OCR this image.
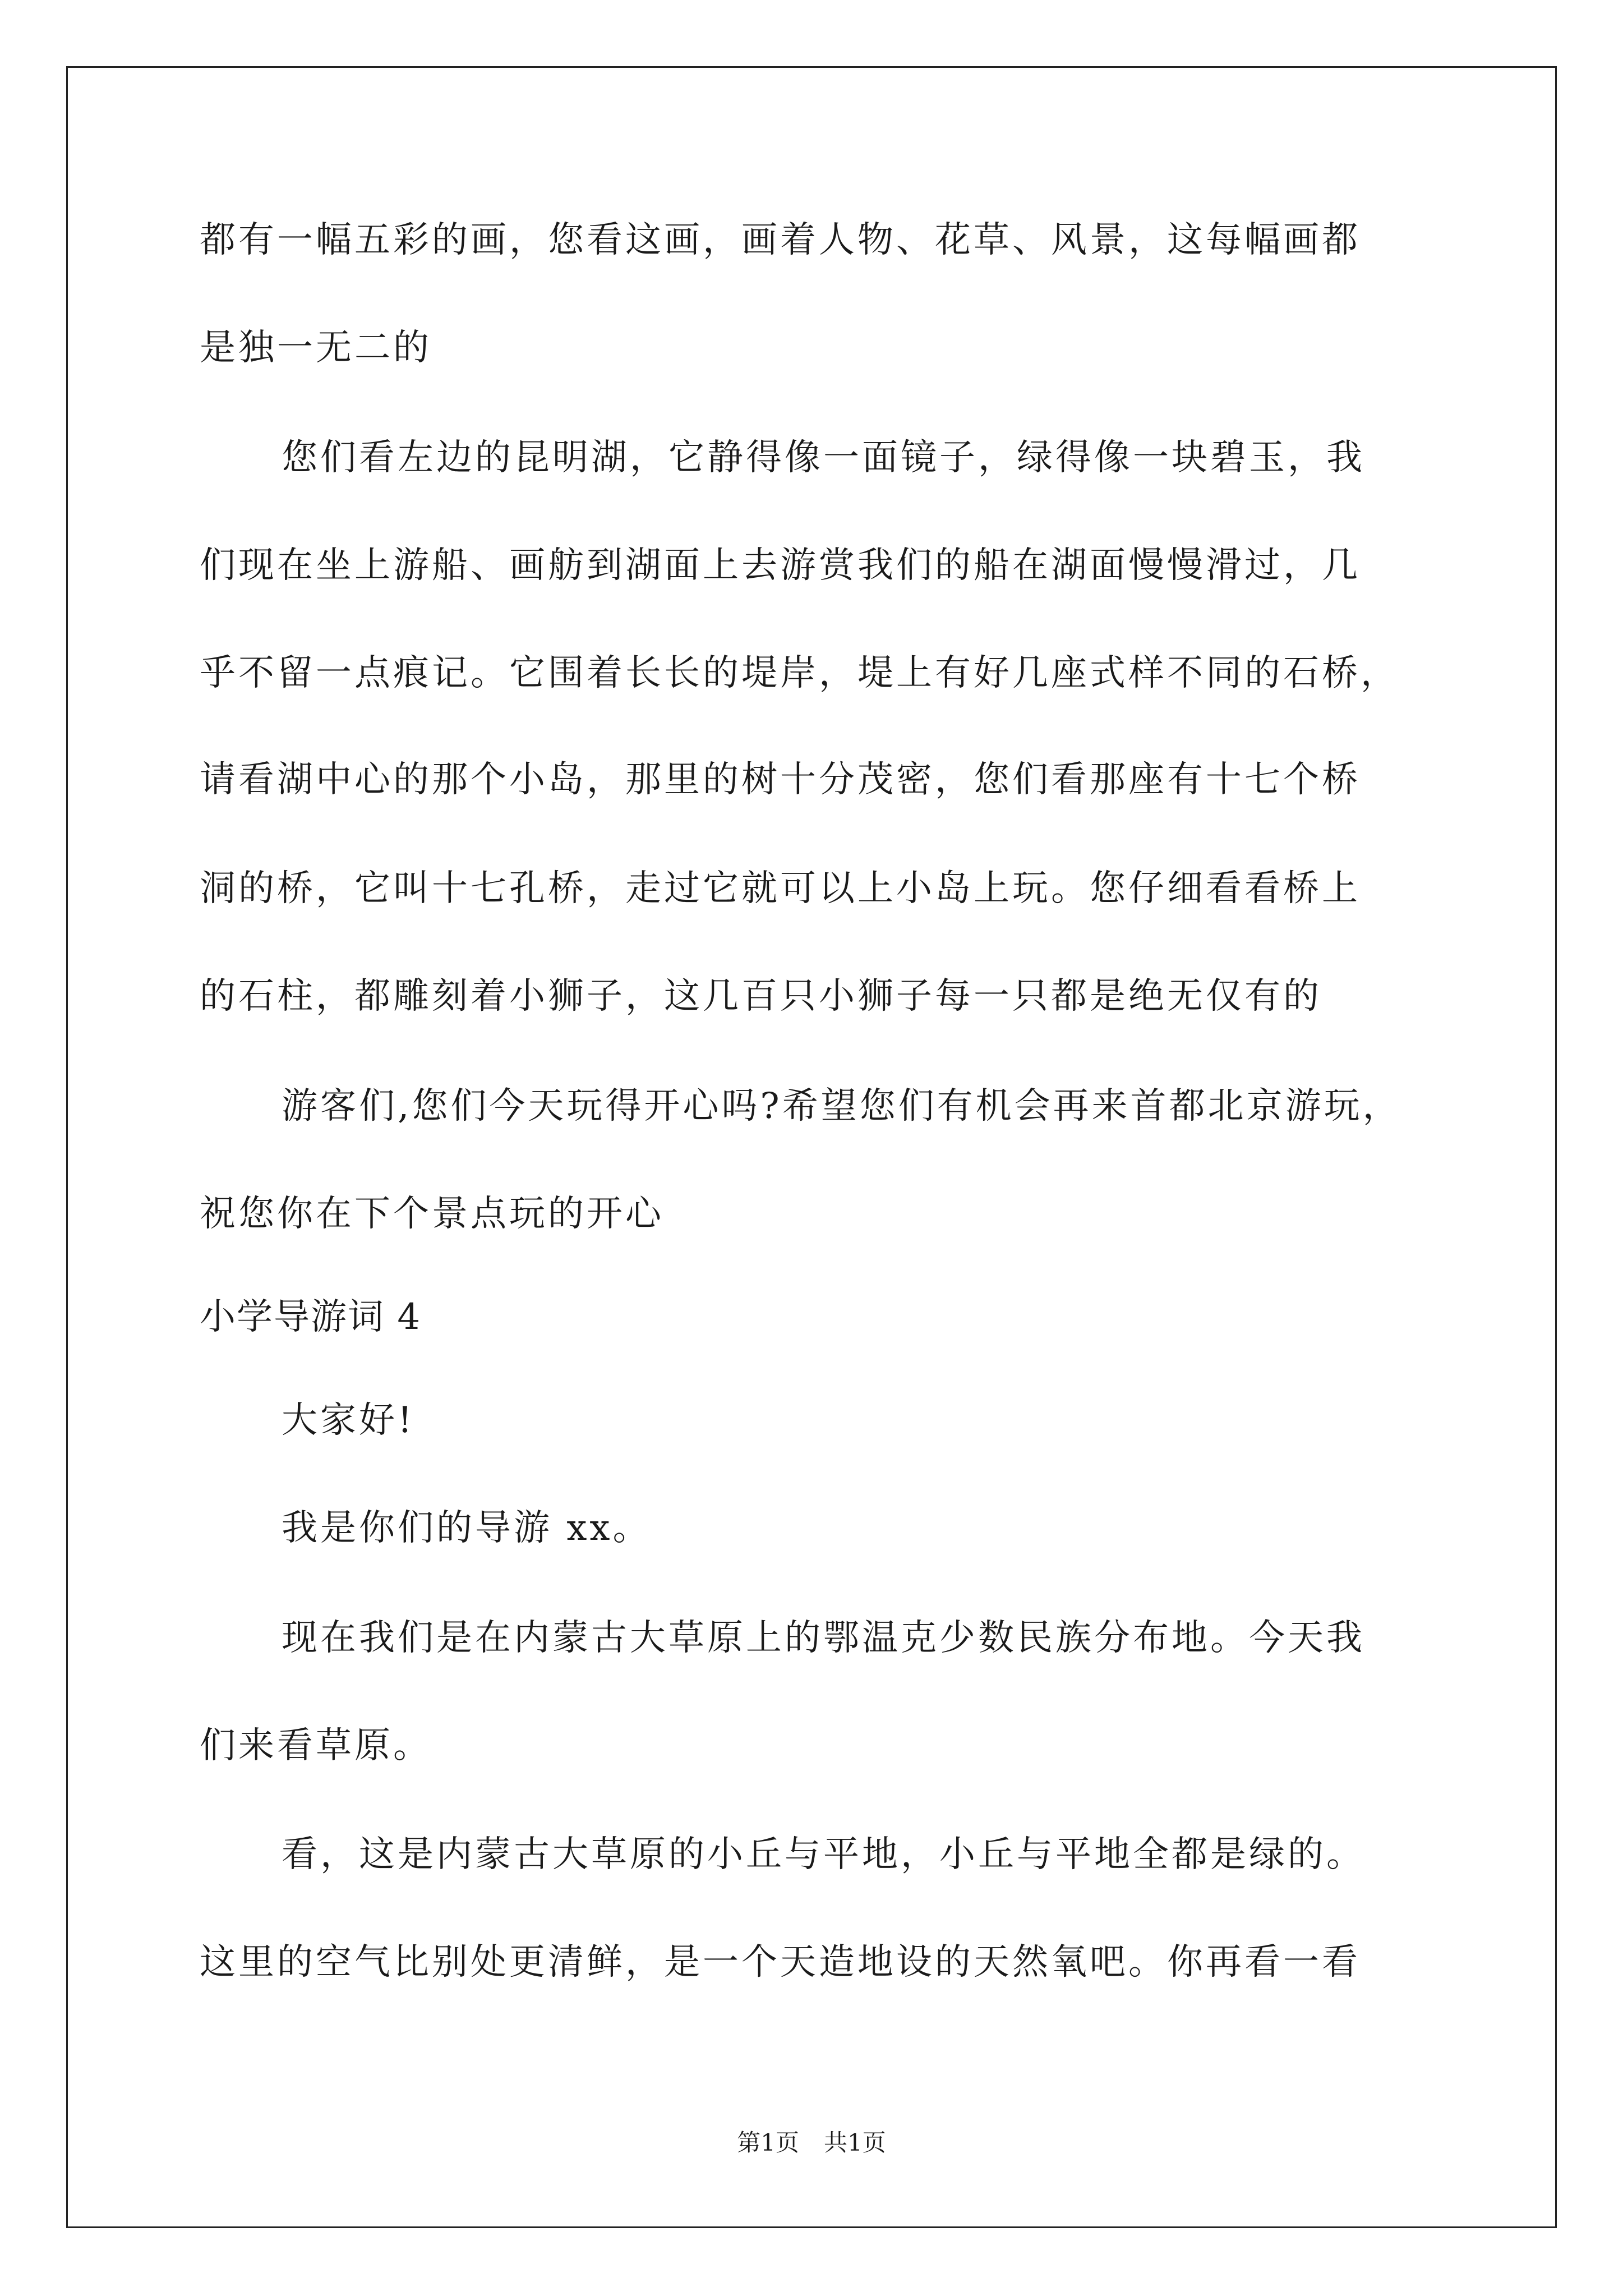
都有一幅五彩的画，您看这画，画着人物、花草、风景，这每幅画都
是独一无二的
您们看左边的昆明湖，它静得像一面镜子，绿得像一块碧玉，我
们现在坐上游船、画舫到湖面上去游赏我们的船在湖面慢慢滑过，几
乎不留一点痕记。它围着长长的堤岸，堤上有好几座式样不同的石桥，
请看湖中心的那个小岛，那里的树十分茂密，您们看那座有十七个桥
洞的桥，它叫十七孔桥，走过它就可以上小岛上玩。您仔细看看桥上
的石柱，都雕刻着小狮子，这几百只小狮子每一只都是绝无仅有的
游客们,您们今天玩得开心吗?希望您们有机会再来首都北京游玩，
祝您你在下个景点玩的开心
小学导游词 4
大家好!
我是你们的导游 xx。
现在我们是在内蒙古大草原上的鄂温克少数民族分布地。今天我
们来看草原。
看，这是内蒙古大草原的小丘与平地，小丘与平地全都是绿的。
这里的空气比别处更清鲜，是一个天造地设的天然氧吧。你再看一看
第1页 共1页
